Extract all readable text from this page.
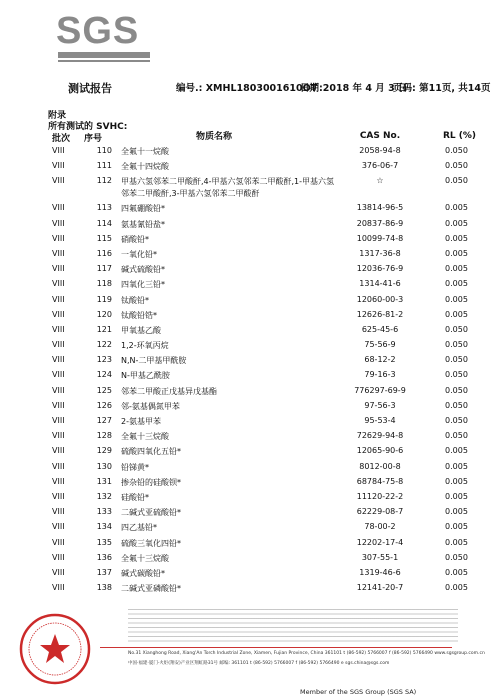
SGS
测试报告	编号.: XMHL1803001610OT
日期:2018 年 4 月 3 日
页码: 第11页, 共14页
附录
所有测试的 SVHC:
批次 序号	物质名称	CAS No.	RL (%)
VIII	110 全氟十一烷酸	2058-94-8	0.050
VIII	111 全氟十四烷酸	376-06-7	0.050
VIII	112 甲基六氢邻苯二甲酸酐,4-甲基六氢邻苯二甲酸酐,1-甲基六氢
邻苯二甲酸酐,3-甲基六氢邻苯二甲酸酐
☆	0.050
VIII	113 四氟硼酸铅*	13814-96-5	0.005
VIII	114 氨基氰铅盐*	20837-86-9	0.005
VIII	115 硝酸铅*	10099-74-8	0.005
VIII	116 一氧化铅*	1317-36-8	0.005
VIII	117 碱式硫酸铅*	12036-76-9	0.005
VIII	118 四氧化三铅*	1314-41-6	0.005
VIII	119 钛酸铅*	12060-00-3	0.005
VIII	120 钛酸铅锆*	12626-81-2	0.005
VIII	121 甲氧基乙酸	625-45-6	0.050
VIII	122 1,2-环氧丙烷	75-56-9	0.050
VIII	123 N,N-二甲基甲酰胺	68-12-2	0.050
VIII	124 N-甲基乙酰胺	79-16-3	0.050
VIII	125 邻苯二甲酸正戊基异戊基酯	776297-69-9	0.050
VIII	126 邻-氨基偶氮甲苯	97-56-3	0.050
VIII	127 2-氨基甲苯	95-53-4	0.050
VIII	128 全氟十三烷酸	72629-94-8	0.050
VIII	129 硫酸四氧化五铅*	12065-90-6	0.005
VIII	130 铅锑黄*	8012-00-8	0.005
VIII	131 掺杂铅的硅酸钡*	68784-75-8	0.005
VIII	132 硅酸铅*	11120-22-2	0.005
VIII	133 二碱式亚硫酸铅*	62229-08-7	0.005
VIII	134 四乙基铅*	78-00-2	0.005
VIII	135 硫酸三氧化四铅*	12202-17-4	0.005
VIII	136 全氟十三烷酸	307-55-1	0.050
VIII	137 碱式碳酸铅*	1319-46-6	0.005
VIII	138 二碱式亚磷酸铅*	12141-20-7	0.005
No.31 Xianghong Road, Xiang'An Torch Industrial Zone, Xiamen, Fujian Province, China 361101 t (86-592) 5766007 f (86-592) 5766490 www.sgsgroup.com.cn
中国·福建·厦门·火炬(翔安)产业区翔虹路31号 邮编: 361101 t (86-592) 5766007 f (86-592) 5766490 e sgs.china@sgs.com
Member of the SGS Group (SGS SA)
